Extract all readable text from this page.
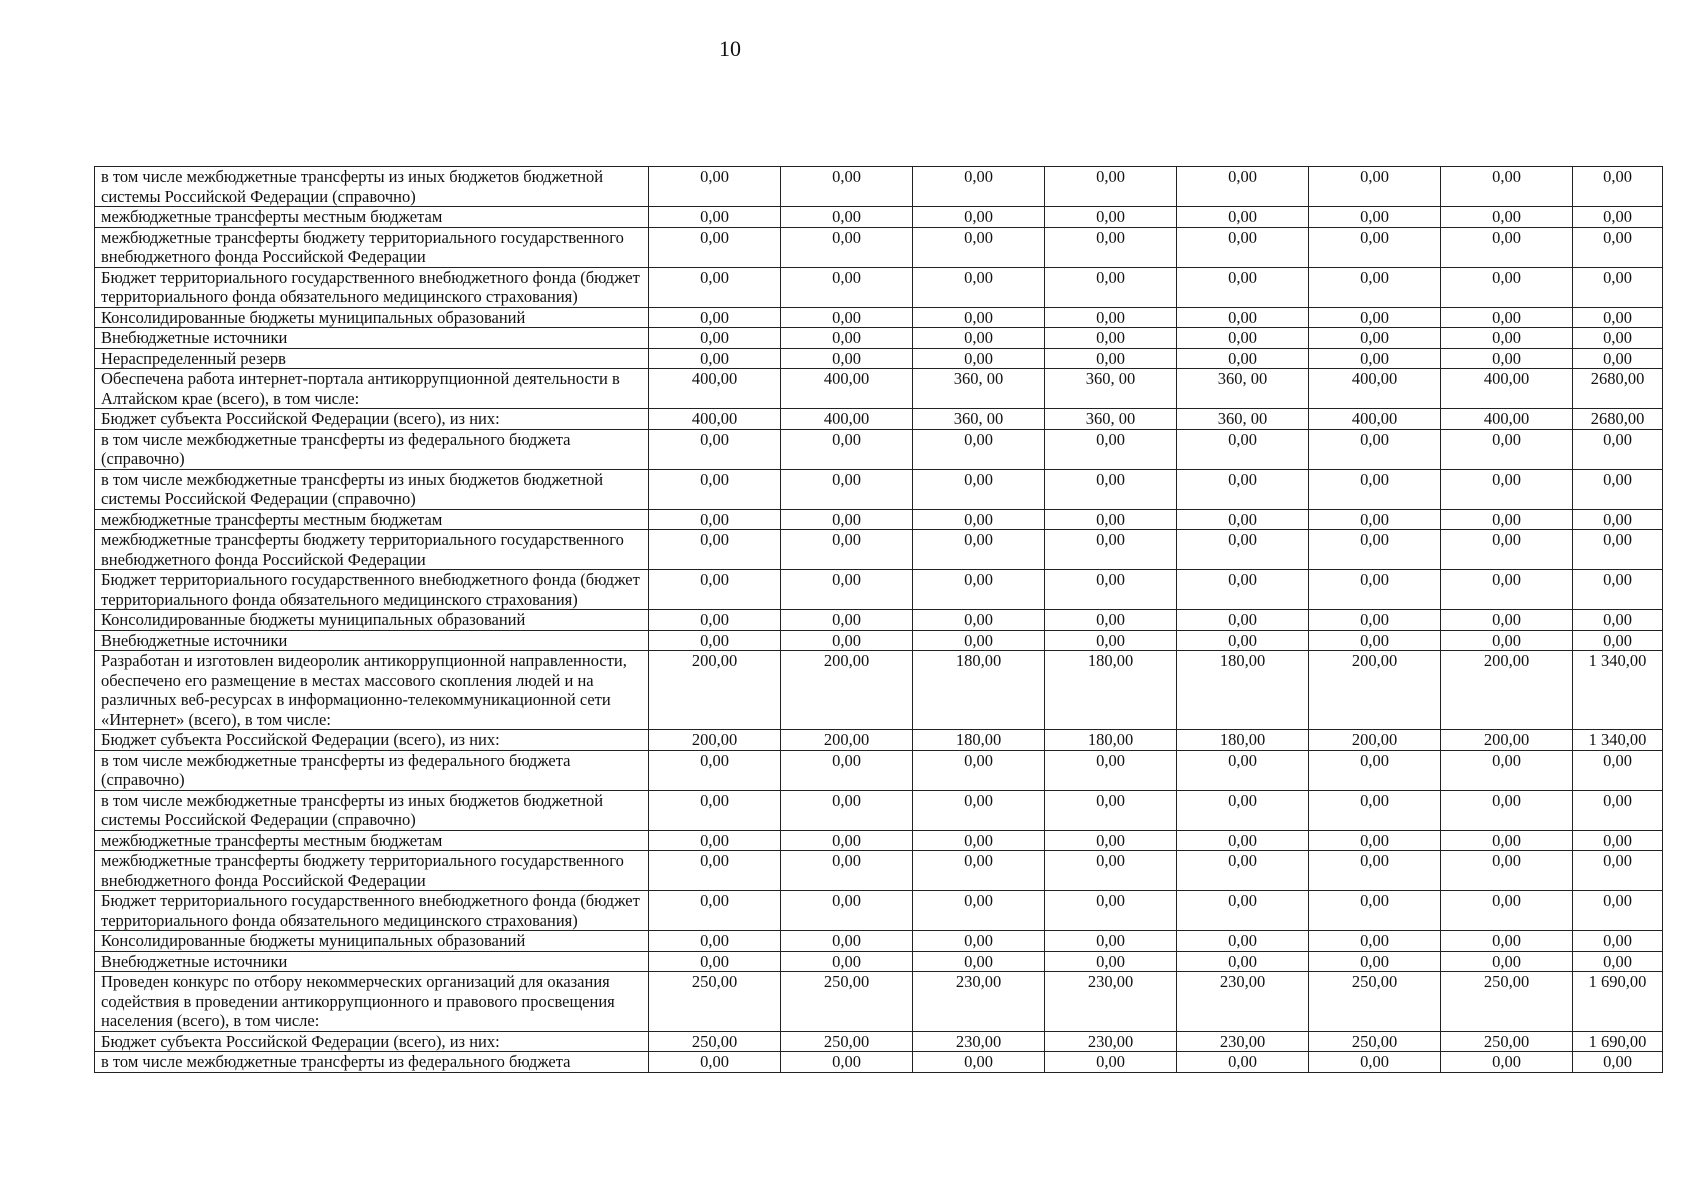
10
в том числе межбюджетные трансферты из иных бюджетов бюджетной системы Российской Федерации (справочно)	0,00	0,00	0,00	0,00	0,00	0,00	0,00	0,00
межбюджетные трансферты местным бюджетам	0,00	0,00	0,00	0,00	0,00	0,00	0,00	0,00
межбюджетные трансферты бюджету территориального государственного внебюджетного фонда Российской Федерации	0,00	0,00	0,00	0,00	0,00	0,00	0,00	0,00
Бюджет территориального государственного внебюджетного фонда (бюджет территориального фонда обязательного медицинского страхования)	0,00	0,00	0,00	0,00	0,00	0,00	0,00	0,00
Консолидированные бюджеты муниципальных образований	0,00	0,00	0,00	0,00	0,00	0,00	0,00	0,00
Внебюджетные источники	0,00	0,00	0,00	0,00	0,00	0,00	0,00	0,00
Нераспределенный резерв	0,00	0,00	0,00	0,00	0,00	0,00	0,00	0,00
Обеспечена работа интернет-портала антикоррупционной деятельности в Алтайском крае (всего), в том числе:	400,00	400,00	360, 00	360, 00	360, 00	400,00	400,00	2680,00
Бюджет субъекта Российской Федерации (всего), из них:	400,00	400,00	360, 00	360, 00	360, 00	400,00	400,00	2680,00
в том числе межбюджетные трансферты из федерального бюджета (справочно)	0,00	0,00	0,00	0,00	0,00	0,00	0,00	0,00
в том числе межбюджетные трансферты из иных бюджетов бюджетной системы Российской Федерации (справочно)	0,00	0,00	0,00	0,00	0,00	0,00	0,00	0,00
межбюджетные трансферты местным бюджетам	0,00	0,00	0,00	0,00	0,00	0,00	0,00	0,00
межбюджетные трансферты бюджету территориального государственного внебюджетного фонда Российской Федерации	0,00	0,00	0,00	0,00	0,00	0,00	0,00	0,00
Бюджет территориального государственного внебюджетного фонда (бюджет территориального фонда обязательного медицинского страхования)	0,00	0,00	0,00	0,00	0,00	0,00	0,00	0,00
Консолидированные бюджеты муниципальных образований	0,00	0,00	0,00	0,00	0,00	0,00	0,00	0,00
Внебюджетные источники	0,00	0,00	0,00	0,00	0,00	0,00	0,00	0,00
Разработан и изготовлен видеоролик антикоррупционной направленности, обеспечено его размещение в местах массового скопления людей и на различных веб-ресурсах в информационно-телекоммуникационной сети «Интернет» (всего), в том числе:	200,00	200,00	180,00	180,00	180,00	200,00	200,00	1 340,00
Бюджет субъекта Российской Федерации (всего), из них:	200,00	200,00	180,00	180,00	180,00	200,00	200,00	1 340,00
в том числе межбюджетные трансферты из федерального бюджета (справочно)	0,00	0,00	0,00	0,00	0,00	0,00	0,00	0,00
в том числе межбюджетные трансферты из иных бюджетов бюджетной системы Российской Федерации (справочно)	0,00	0,00	0,00	0,00	0,00	0,00	0,00	0,00
межбюджетные трансферты местным бюджетам	0,00	0,00	0,00	0,00	0,00	0,00	0,00	0,00
межбюджетные трансферты бюджету территориального государственного внебюджетного фонда Российской Федерации	0,00	0,00	0,00	0,00	0,00	0,00	0,00	0,00
Бюджет территориального государственного внебюджетного фонда (бюджет территориального фонда обязательного медицинского страхования)	0,00	0,00	0,00	0,00	0,00	0,00	0,00	0,00
Консолидированные бюджеты муниципальных образований	0,00	0,00	0,00	0,00	0,00	0,00	0,00	0,00
Внебюджетные источники	0,00	0,00	0,00	0,00	0,00	0,00	0,00	0,00
Проведен конкурс по отбору некоммерческих организаций для оказания содействия в проведении антикоррупционного и правового просвещения населения (всего), в том числе:	250,00	250,00	230,00	230,00	230,00	250,00	250,00	1 690,00
Бюджет субъекта Российской Федерации (всего), из них:	250,00	250,00	230,00	230,00	230,00	250,00	250,00	1 690,00
в том числе межбюджетные трансферты из федерального бюджета	0,00	0,00	0,00	0,00	0,00	0,00	0,00	0,00
